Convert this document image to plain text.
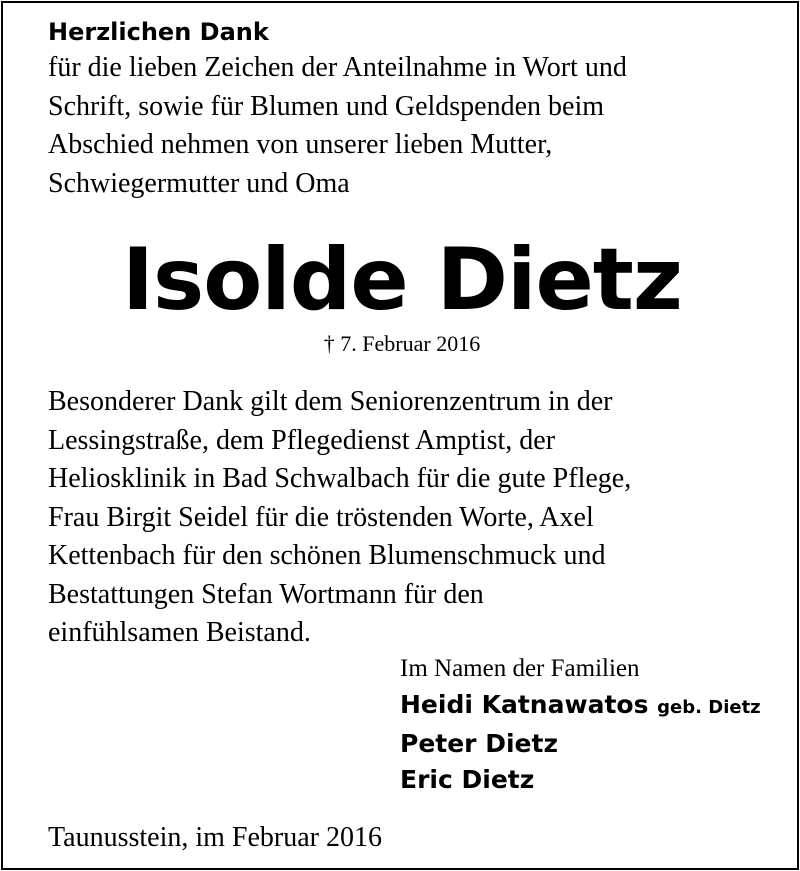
Herzlichen Dank
für die lieben Zeichen der Anteilnahme in Wort und
Schrift, sowie für Blumen und Geldspenden beim
Abschied nehmen von unserer lieben Mutter,
Schwiegermutter und Oma
Isolde Dietz
† 7. Februar 2016
Besonderer Dank gilt dem Seniorenzentrum in der
Lessingstraße, dem Pflegedienst Amptist, der
Heliosklinik in Bad Schwalbach für die gute Pflege,
Frau Birgit Seidel für die tröstenden Worte, Axel
Kettenbach für den schönen Blumenschmuck und
Bestattungen Stefan Wortmann für den
einfühlsamen Beistand.
Im Namen der Familien
Heidi Katnawatos geb. Dietz
Peter Dietz
Eric Dietz
Taunusstein, im Februar 2016
